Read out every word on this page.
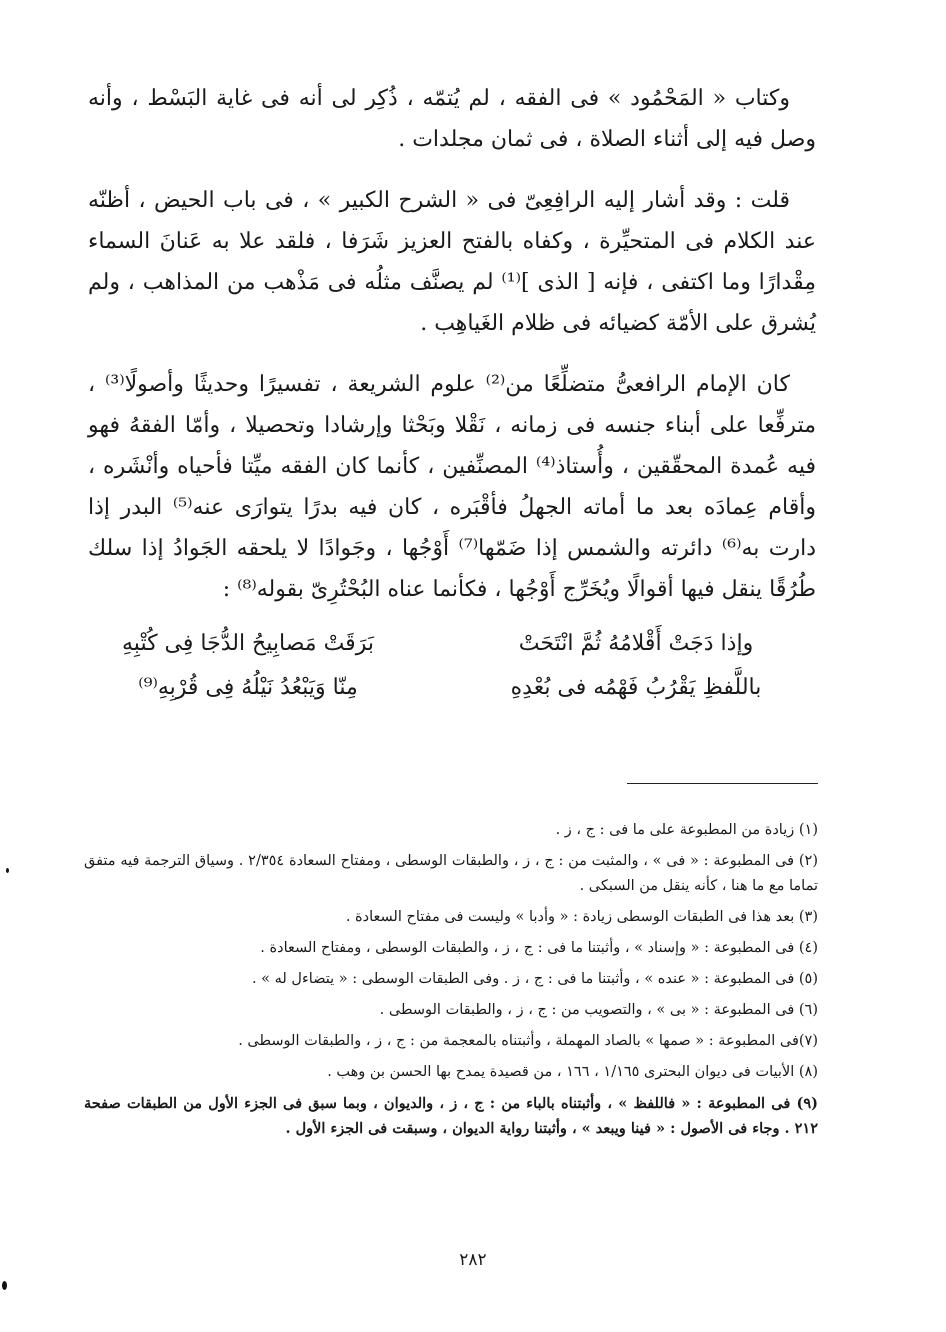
وكتاب « المَحْمُود » فى الفقه ، لم يُتمّه ، ذُكِر لى أنه فى غاية البَسْط ، وأنه وصل فيه إلى أثناء الصلاة ، فى ثمان مجلدات .

قلت : وقد أشار إليه الرافِعِىّ فى « الشرح الكبير » ، فى باب الحيض ، أظنّه عند الكلام فى المتحيِّرة ، وكفاه بالفتح العزيز شَرَفا ، فلقد علا به عَنانَ السماء مِقْدارًا وما اكتفى ، فإنه [ الذى ]⁽¹⁾ لم يصنَّف مثلُه فى مَذْهب من المذاهب ، ولم يُشرق على الأمّة كضيائه فى ظلام الغَياهِب .

كان الإمام الرافعىُّ متضلِّعًا من⁽²⁾ علوم الشريعة ، تفسيرًا وحديثًا وأصولًا⁽³⁾ ، مترفِّعا على أبناء جنسه فى زمانه ، نَقْلا وبَحْثا وإرشادا وتحصيلا ، وأمّا الفقهُ فهو فيه عُمدة المحقّقين ، وأُستاذ⁽⁴⁾ المصنِّفين ، كأنما كان الفقه ميِّتا فأحياه وأنْشَره ، وأقام عِمادَه بعد ما أماته الجهلُ فأقْبَره ، كان فيه بدرًا يتوارَى عنه⁽⁵⁾ البدر إذا دارت به⁽⁶⁾ دائرته والشمس إذا ضَمّها⁽⁷⁾ أَوْجُها ، وجَوادًا لا يلحقه الجَوادُ إذا سلك طُرُقًا ينقل فيها أقوالًا ويُخَرِّج أَوْجُها ، فكأنما عناه البُحْتُرِىّ بقوله⁽⁸⁾ :

وإذا دَجَتْ أَقْلامُهُ ثُمَّ انْتَحَتْ
بَرَقَتْ مَصابِيحُ الدُّجَا فِى كُتْبِهِ
باللَّفظِ يَقْرُبُ فَهْمُه فى بُعْدِهِ
مِنّا وَيَبْعُدُ نَيْلُهُ فِى قُرْبِهِ⁽⁹⁾

(١) زيادة من المطبوعة على ما فى : ج ، ز .

(٢) فى المطبوعة : « فى » ، والمثبت من : ج ، ز ، والطبقات الوسطى ، ومفتاح السعادة ٢/٣٥٤ . وسياق الترجمة فيه متفق تماما مع ما هنا ، كأنه ينقل من السبكى .

(٣) بعد هذا فى الطبقات الوسطى زيادة : « وأدبا » وليست فى مفتاح السعادة .

(٤) فى المطبوعة : « وإسناد » ، وأثبتنا ما فى : ج ، ز ، والطبقات الوسطى ، ومفتاح السعادة .

(٥) فى المطبوعة : « عنده » ، وأثبتنا ما فى : ج ، ز . وفى الطبقات الوسطى : « يتضاءل له » .

(٦) فى المطبوعة : « بى » ، والتصويب من : ج ، ز ، والطبقات الوسطى .

(٧)فى المطبوعة : « صمها » بالصاد المهملة ، وأثبتناه بالمعجمة من : ج ، ز ، والطبقات الوسطى .

(٨) الأبيات فى ديوان البحترى ١/١٦٥ ، ١٦٦ ، من قصيدة يمدح بها الحسن بن وهب .

(٩) فى المطبوعة : « فاللفظ » ، وأثبتناه بالباء من : ج ، ز ، والديوان ، وبما سبق فى الجزء الأول من الطبقات صفحة ٢١٢ . وجاء فى الأصول : « فينا ويبعد » ، وأثبتنا رواية الديوان ، وسبقت فى الجزء الأول .

٢٨٢
